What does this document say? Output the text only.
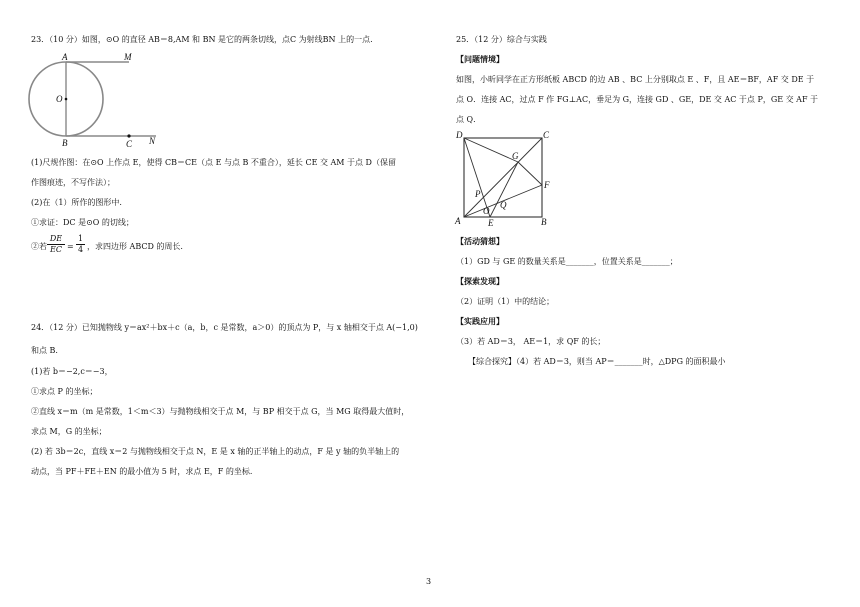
23．（10 分）如图，⊙O 的直径 AB＝8,AM 和 BN 是它的两条切线，点C 为射线BN 上的一点.
A	M
O
B	C N
(1)尺规作图：在⊙O 上作点 E，使得 CB＝CE（点 E 与点 B 不重合），延长 CE 交 AM 于点 D（保留
作图痕迹，不写作法）；
(2)在（1）所作的图形中.
①求证：DC 是⊙O 的切线；
②若 $\frac{DE}{EC} = \frac{1}{4}$ ，求四边形 ABCD 的周长.
24．（12 分）已知抛物线 y＝ax²＋bx＋c（a，b，c 是常数，a＞0）的顶点为 P，与 x 轴相交于点 A(−1,0)
和点 B.
(1)若 b＝−2,c＝−3，
①求点 P 的坐标；
②直线 x＝m（m 是常数，1＜m＜3）与抛物线相交于点 M，与 BP 相交于点 G，当 MG 取得最大值时，
求点 M，G 的坐标；
(2) 若 3b＝2c，直线 x＝2 与抛物线相交于点 N，E 是 x 轴的正半轴上的动点，F 是 y 轴的负半轴上的
动点，当 PF＋FE＋EN 的最小值为 5 时，求点 E，F 的坐标.
25．（12 分）综合与实践
【问题情境】
如图，小昕同学在正方形纸板 ABCD 的边 AB 、BC 上分别取点 E 、F，且 AE＝BF，AF 交 DE 于
点 O．连接 AC，过点 F 作 FG⊥AC，垂足为 G，连接 GD 、GE，DE 交 AC 于点 P，GE 交 AF 于
点 Q．
D	C
G
F
P
O
Q
A	E	B
【活动猜想】
（1）GD 与 GE 的数量关系是_______，位置关系是_______；
【探索发现】
（2）证明（1）中的结论；
【实践应用】
（3）若 AD＝3， AE＝1，求 QF 的长；
【综合探究】（4）若 AD＝3，则当 AP＝_______时，△DPG 的面积最小
3
